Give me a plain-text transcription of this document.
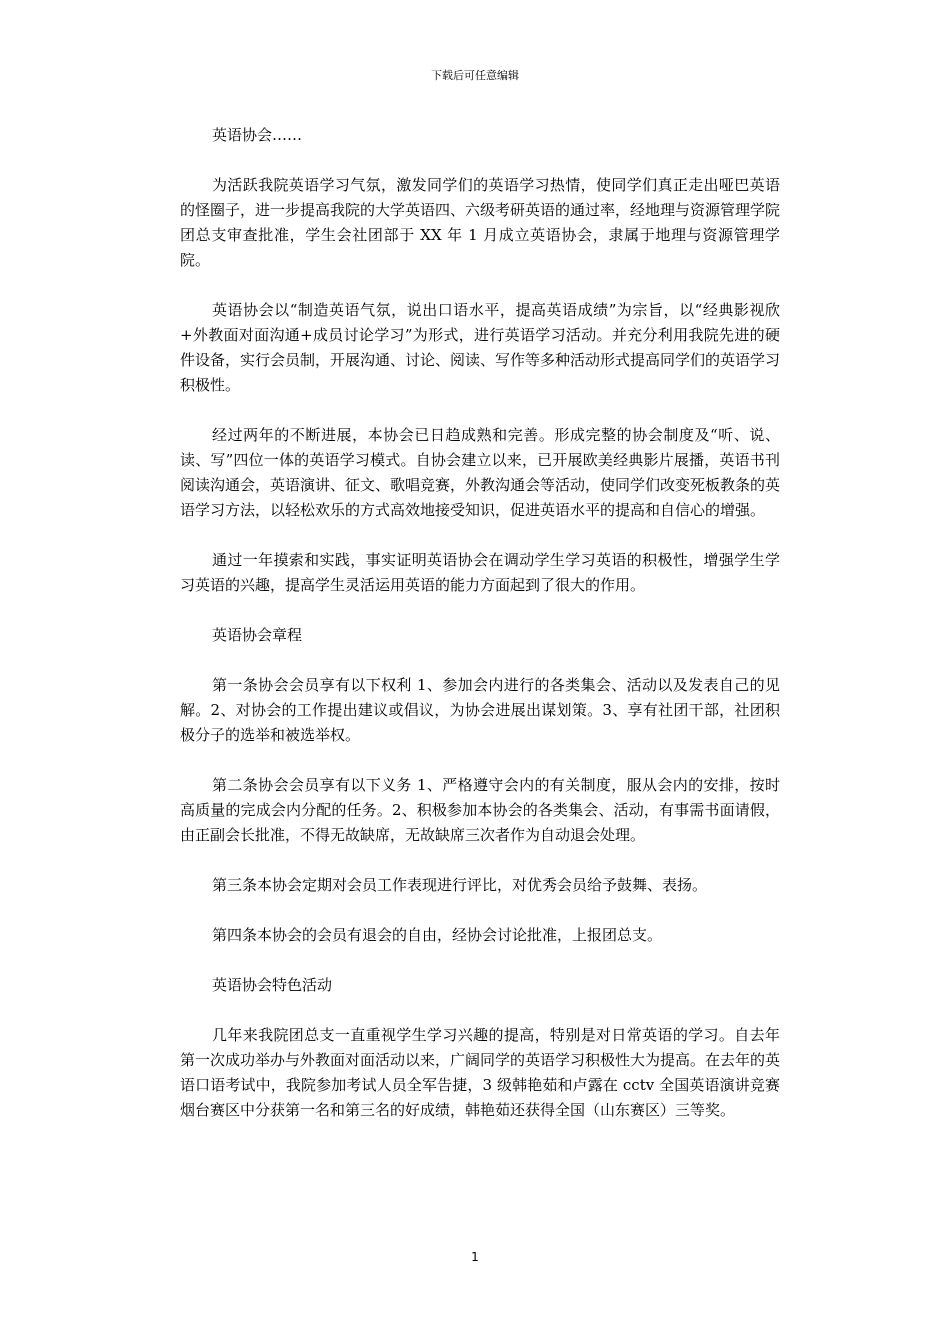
下载后可任意编辑

英语协会……

为活跃我院英语学习气氛，激发同学们的英语学习热情，使同学们真正走出哑巴英语的怪圈子，进一步提高我院的大学英语四、六级考研英语的通过率，经地理与资源管理学院团总支审查批准，学生会社团部于 XX 年 1 月成立英语协会，隶属于地理与资源管理学院。

英语协会以“制造英语气氛，说出口语水平，提高英语成绩”为宗旨，以“经典影视欣+外教面对面沟通+成员讨论学习”为形式，进行英语学习活动。并充分利用我院先进的硬件设备，实行会员制，开展沟通、讨论、阅读、写作等多种活动形式提高同学们的英语学习积极性。

经过两年的不断进展，本协会已日趋成熟和完善。形成完整的协会制度及“听、说、读、写”四位一体的英语学习模式。自协会建立以来，已开展欧美经典影片展播，英语书刊阅读沟通会，英语演讲、征文、歌唱竞赛，外教沟通会等活动，使同学们改变死板教条的英语学习方法，以轻松欢乐的方式高效地接受知识，促进英语水平的提高和自信心的增强。

通过一年摸索和实践，事实证明英语协会在调动学生学习英语的积极性，增强学生学习英语的兴趣，提高学生灵活运用英语的能力方面起到了很大的作用。

英语协会章程

第一条协会会员享有以下权利 1、参加会内进行的各类集会、活动以及发表自己的见解。2、对协会的工作提出建议或倡议，为协会进展出谋划策。3、享有社团干部，社团积极分子的选举和被选举权。

第二条协会会员享有以下义务 1、严格遵守会内的有关制度，服从会内的安排，按时高质量的完成会内分配的任务。2、积极参加本协会的各类集会、活动，有事需书面请假，由正副会长批准，不得无故缺席，无故缺席三次者作为自动退会处理。

第三条本协会定期对会员工作表现进行评比，对优秀会员给予鼓舞、表扬。

第四条本协会的会员有退会的自由，经协会讨论批准，上报团总支。

英语协会特色活动

几年来我院团总支一直重视学生学习兴趣的提高，特别是对日常英语的学习。自去年第一次成功举办与外教面对面活动以来，广阔同学的英语学习积极性大为提高。在去年的英语口语考试中，我院参加考试人员全军告捷，3 级韩艳茹和卢露在 cctv 全国英语演讲竞赛烟台赛区中分获第一名和第三名的好成绩，韩艳茹还获得全国（山东赛区）三等奖。

1
